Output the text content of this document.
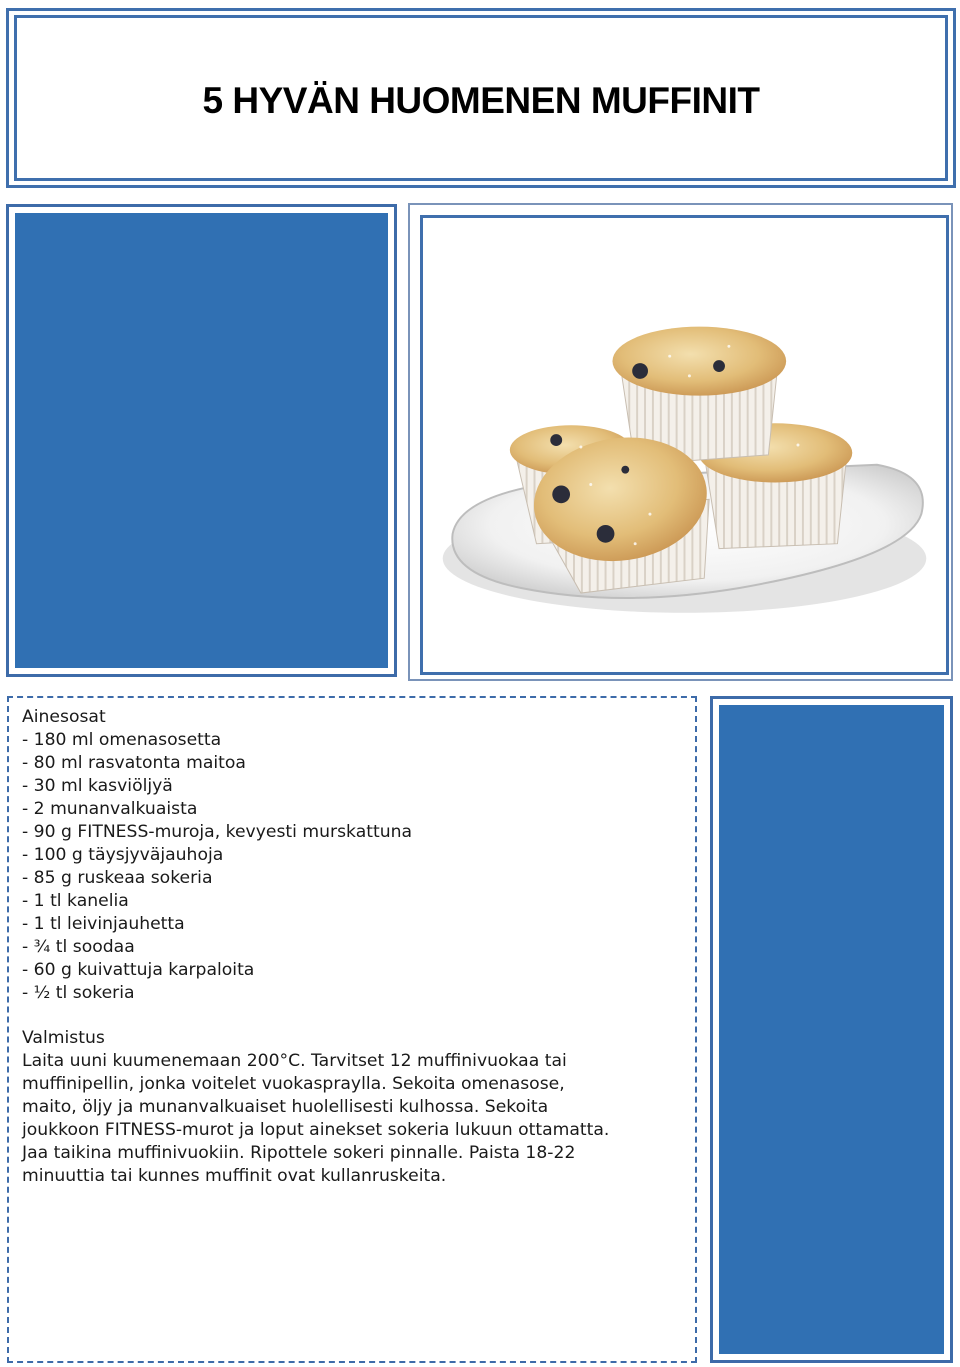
5 HYVÄN HUOMENEN MUFFINIT
Ainesosat
- 180 ml omenasosetta
- 80 ml rasvatonta maitoa
- 30 ml kasviöljyä
- 2 munanvalkuaista
- 90 g FITNESS-muroja, kevyesti murskattuna
- 100 g täysjyväjauhoja
- 85 g ruskeaa sokeria
- 1 tl kanelia
- 1 tl leivinjauhetta
- ¾ tl soodaa
- 60 g kuivattuja karpaloita
- ½ tl sokeria
Valmistus
Laita uuni kuumenemaan 200°C. Tarvitset 12 muffinivuokaa tai
muffinipellin, jonka voitelet vuokaspraylla. Sekoita omenasose,
maito, öljy ja munanvalkuaiset huolellisesti kulhossa. Sekoita
joukkoon FITNESS-murot ja loput ainekset sokeria lukuun ottamatta.
Jaa taikina muffinivuokiin. Ripottele sokeri pinnalle. Paista 18-22
minuuttia tai kunnes muffinit ovat kullanruskeita.
